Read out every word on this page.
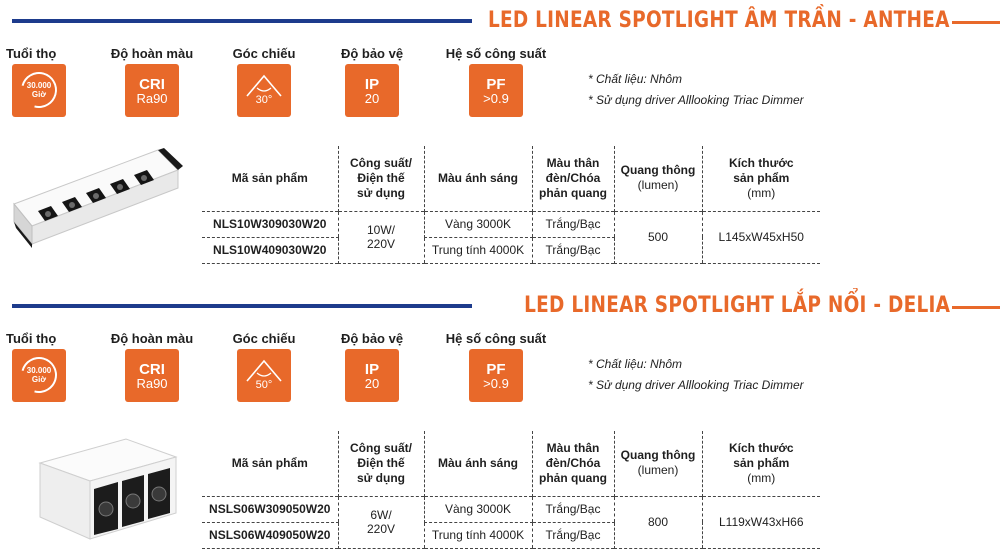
LED LINEAR SPOTLIGHT ÂM TRẦN - ANTHEA
Tuổi thọ
30.000
Giờ
Độ hoàn màu
CRI
Ra90
Góc chiếu
30°
Độ bảo vệ
IP
20
Hệ số công suất
PF
>0.9
* Chất liệu: Nhôm
* Sử dụng driver Alllooking Triac Dimmer
Mã sản phẩm	Công suất/
Điện thế
sử dụng	Màu ánh sáng	Màu thân
đèn/Chóa
phản quang	Quang thông
(lumen)	Kích thước
sản phẩm
(mm)
NLS10W309030W20	10W/
220V	Vàng 3000K	Trắng/Bạc	500	L145xW45xH50
NLS10W409030W20		Trung tính 4000K	Trắng/Bạc		
LED LINEAR SPOTLIGHT LẮP NỔI - DELIA
Tuổi thọ
30.000
Giờ
Độ hoàn màu
CRI
Ra90
Góc chiếu
50°
Độ bảo vệ
IP
20
Hệ số công suất
PF
>0.9
* Chất liệu: Nhôm
* Sử dụng driver Alllooking Triac Dimmer
Mã sản phẩm	Công suất/
Điện thế
sử dụng	Màu ánh sáng	Màu thân
đèn/Chóa
phản quang	Quang thông
(lumen)	Kích thước
sản phẩm
(mm)
NSLS06W309050W20	6W/
220V	Vàng 3000K	Trắng/Bạc	800	L119xW43xH66
NSLS06W409050W20		Trung tính 4000K	Trắng/Bạc		
